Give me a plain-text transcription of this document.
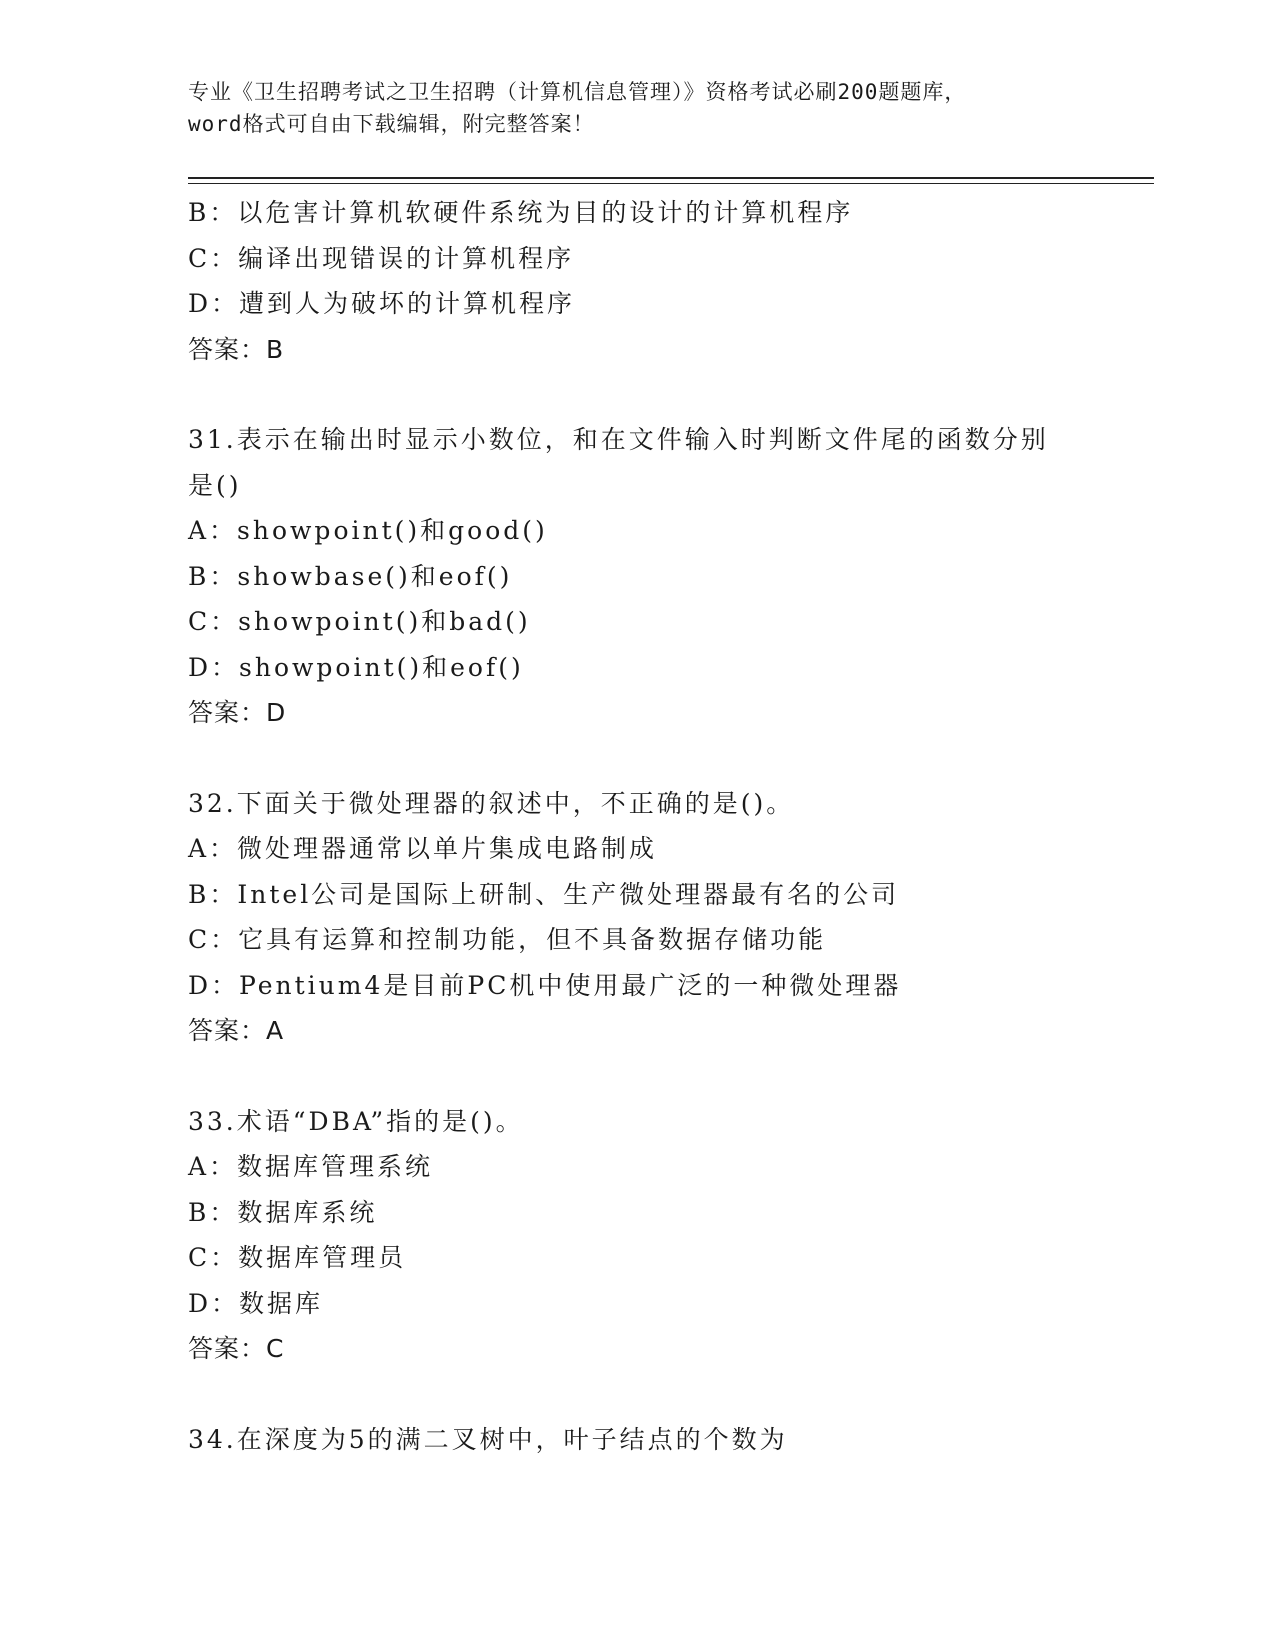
专业《卫生招聘考试之卫生招聘（计算机信息管理）》资格考试必刷200题题库，
word格式可自由下载编辑，附完整答案！
B：以危害计算机软硬件系统为目的设计的计算机程序
C：编译出现错误的计算机程序
D：遭到人为破坏的计算机程序
答案：B
31.表示在输出时显示小数位，和在文件输入时判断文件尾的函数分别
是()
A：showpoint()和good()
B：showbase()和eof()
C：showpoint()和bad()
D：showpoint()和eof()
答案：D
32.下面关于微处理器的叙述中，不正确的是()。
A：微处理器通常以单片集成电路制成
B：Intel公司是国际上研制、生产微处理器最有名的公司
C：它具有运算和控制功能，但不具备数据存储功能
D：Pentium4是目前PC机中使用最广泛的一种微处理器
答案：A
33.术语“DBA”指的是()。
A：数据库管理系统
B：数据库系统
C：数据库管理员
D：数据库
答案：C
34.在深度为5的满二叉树中，叶子结点的个数为
